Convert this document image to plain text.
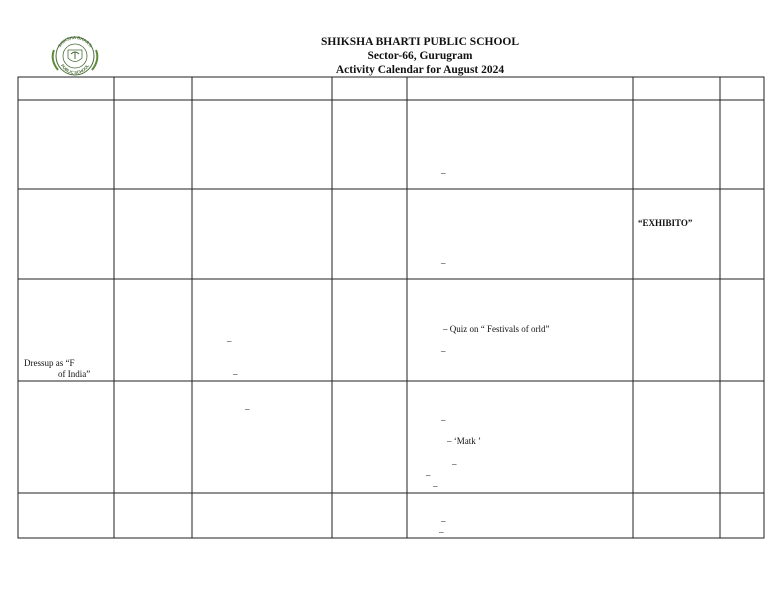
SHIKSHA BHARTI
PUBLIC SCHOOL
SHIKSHA BHARTI PUBLIC SCHOOL
Sector-66, Gurugram
Activity Calendar for August 2024
–
“EXHIBITO”
–
Dressup as “F
of India”
–
–
– Quiz on “ Festivals of orld”
–
–
–
– ‘Matk ’
–
–
–
–
–
